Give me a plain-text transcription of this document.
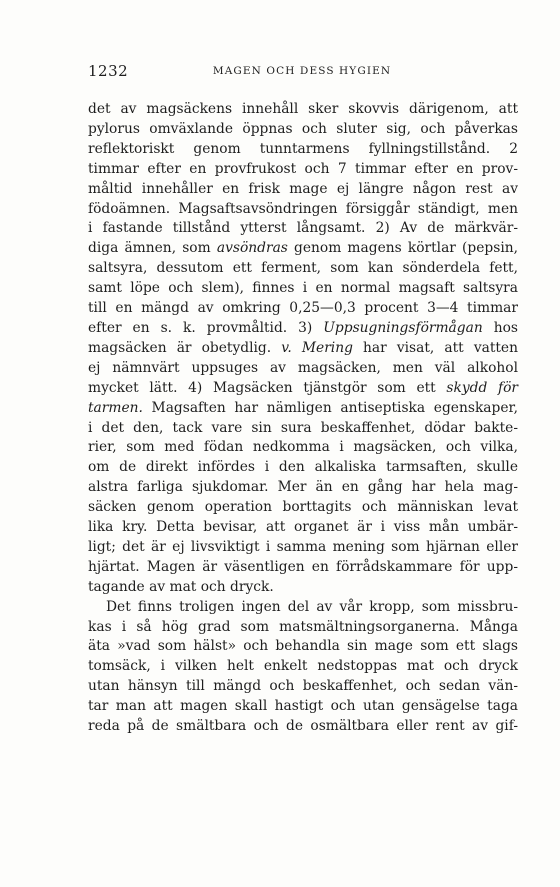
1232	MAGEN OCH DESS HYGIEN
det av magsäckens innehåll sker skovvis därigenom, att
pylorus omväxlande öppnas och sluter sig, och påverkas
reflektoriskt genom tunntarmens fyllningstillstånd. 2
timmar efter en provfrukost och 7 timmar efter en prov-
måltid innehåller en frisk mage ej längre någon rest av
födoämnen. Magsaftsavsöndringen försiggår ständigt, men
i fastande tillstånd ytterst långsamt. 2) Av de märkvär-
diga ämnen, som avsöndras genom magens körtlar (pepsin,
saltsyra, dessutom ett ferment, som kan sönderdela fett,
samt löpe och slem), finnes i en normal magsaft saltsyra
till en mängd av omkring 0,25—0,3 procent 3—4 timmar
efter en s. k. provmåltid. 3) Uppsugningsförmågan hos
magsäcken är obetydlig. v. Mering har visat, att vatten
ej nämnvärt uppsuges av magsäcken, men väl alkohol
mycket lätt. 4) Magsäcken tjänstgör som ett skydd för
tarmen. Magsaften har nämligen antiseptiska egenskaper,
i det den, tack vare sin sura beskaffenhet, dödar bakte-
rier, som med födan nedkomma i magsäcken, och vilka,
om de direkt infördes i den alkaliska tarmsaften, skulle
alstra farliga sjukdomar. Mer än en gång har hela mag-
säcken genom operation borttagits och människan levat
lika kry. Detta bevisar, att organet är i viss mån umbär-
ligt; det är ej livsviktigt i samma mening som hjärnan eller
hjärtat. Magen är väsentligen en förrådskammare för upp-
tagande av mat och dryck.
Det finns troligen ingen del av vår kropp, som missbru-
kas i så hög grad som matsmältningsorganerna. Många
äta »vad som hälst» och behandla sin mage som ett slags
tomsäck, i vilken helt enkelt nedstoppas mat och dryck
utan hänsyn till mängd och beskaffenhet, och sedan vän-
tar man att magen skall hastigt och utan gensägelse taga
reda på de smältbara och de osmältbara eller rent av gif-
